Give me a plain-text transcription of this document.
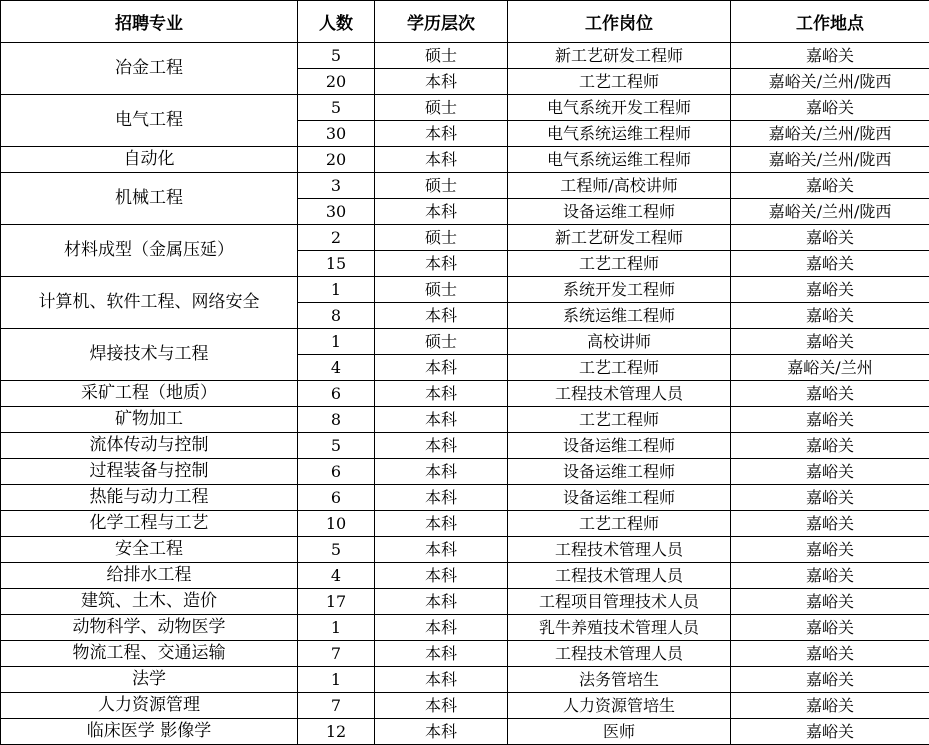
招聘专业	人数	学历层次	工作岗位	工作地点
冶金工程	5	硕士	新工艺研发工程师	嘉峪关
	20	本科	工艺工程师	嘉峪关/兰州/陇西
电气工程	5	硕士	电气系统开发工程师	嘉峪关
	30	本科	电气系统运维工程师	嘉峪关/兰州/陇西
自动化	20	本科	电气系统运维工程师	嘉峪关/兰州/陇西
机械工程	3	硕士	工程师/高校讲师	嘉峪关
	30	本科	设备运维工程师	嘉峪关/兰州/陇西
材料成型（金属压延）	2	硕士	新工艺研发工程师	嘉峪关
	15	本科	工艺工程师	嘉峪关
计算机、软件工程、网络安全	1	硕士	系统开发工程师	嘉峪关
	8	本科	系统运维工程师	嘉峪关
焊接技术与工程	1	硕士	高校讲师	嘉峪关
	4	本科	工艺工程师	嘉峪关/兰州
采矿工程（地质）	6	本科	工程技术管理人员	嘉峪关
矿物加工	8	本科	工艺工程师	嘉峪关
流体传动与控制	5	本科	设备运维工程师	嘉峪关
过程装备与控制	6	本科	设备运维工程师	嘉峪关
热能与动力工程	6	本科	设备运维工程师	嘉峪关
化学工程与工艺	10	本科	工艺工程师	嘉峪关
安全工程	5	本科	工程技术管理人员	嘉峪关
给排水工程	4	本科	工程技术管理人员	嘉峪关
建筑、土木、造价	17	本科	工程项目管理技术人员	嘉峪关
动物科学、动物医学	1	本科	乳牛养殖技术管理人员	嘉峪关
物流工程、交通运输	7	本科	工程技术管理人员	嘉峪关
法学	1	本科	法务管培生	嘉峪关
人力资源管理	7	本科	人力资源管培生	嘉峪关
临床医学 影像学	12	本科	医师	嘉峪关
